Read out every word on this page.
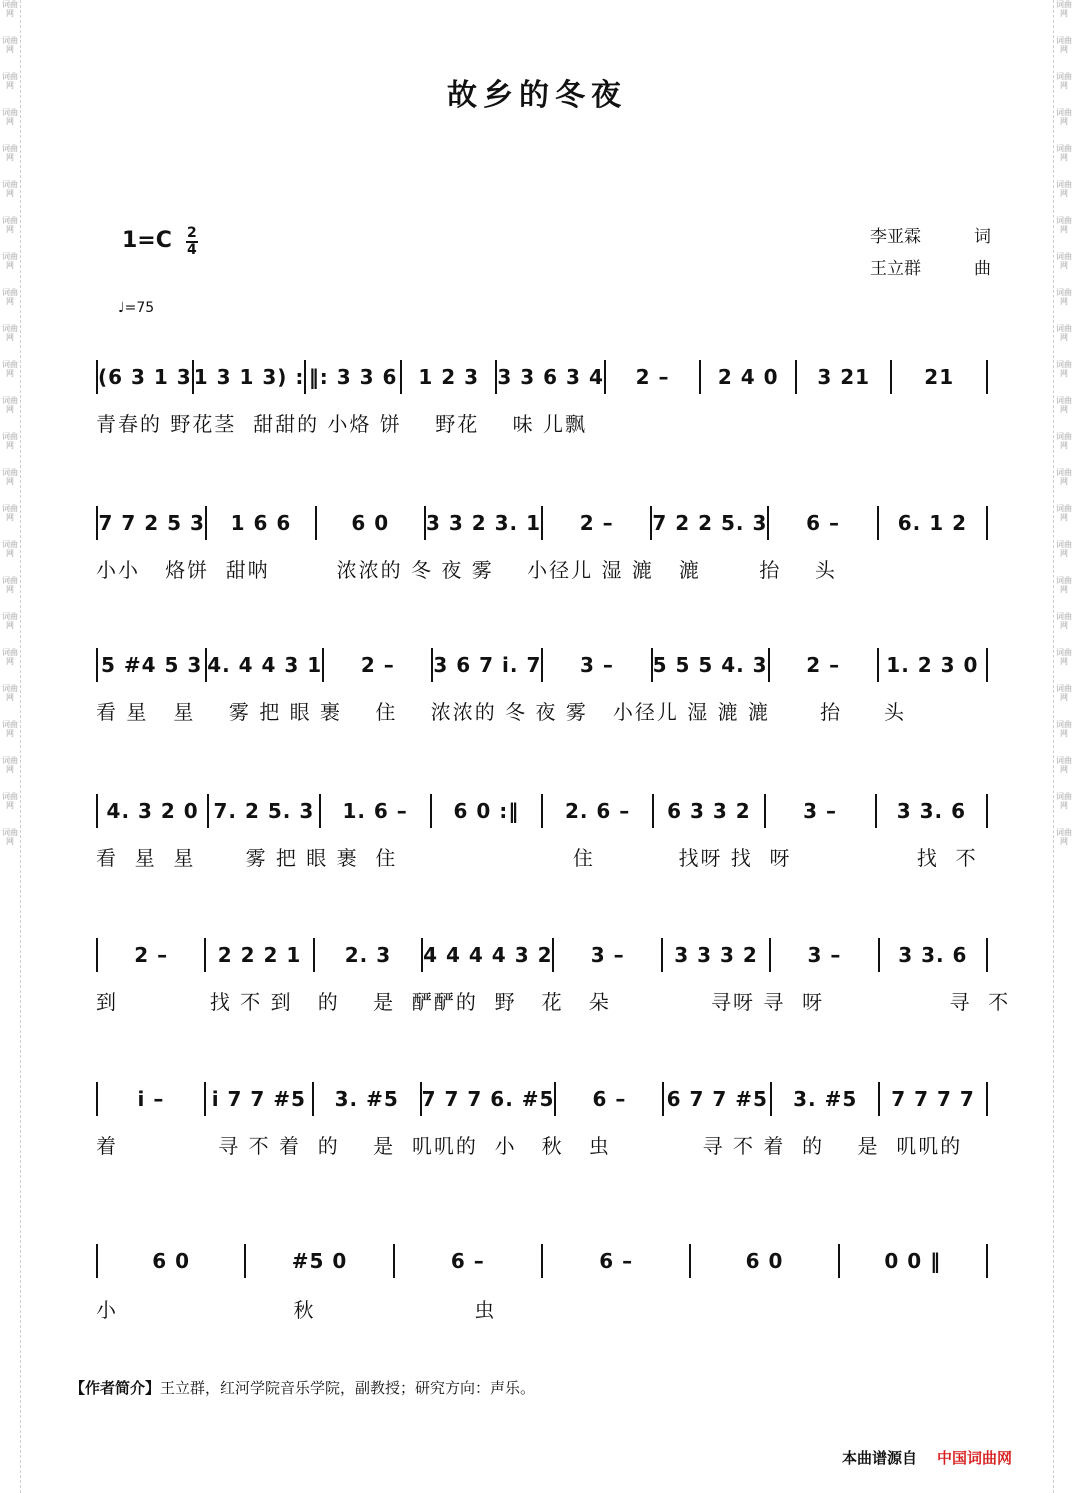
词曲网

词曲网

词曲网

词曲网

词曲网

词曲网

词曲网

词曲网

词曲网

词曲网

词曲网

词曲网

词曲网

词曲网

词曲网

词曲网

词曲网

词曲网

词曲网

词曲网

词曲网

词曲网

词曲网

词曲网

词曲网

词曲网

词曲网

词曲网

词曲网

词曲网

词曲网

词曲网

词曲网

词曲网

词曲网

词曲网

词曲网

词曲网

词曲网

词曲网

词曲网

词曲网

词曲网

词曲网

词曲网

词曲网

词曲网

词曲网

故乡的冬夜
$1=C \frac{2}{4}$
♩=75
李亚霖	词
王立群	曲
(6 3 1 3 1 3 1 3) : ‖: 3 3 6	1 2 3 3 3 6 3 4	2 –	2 4 0	3 21	21
青春的 野花茎  甜甜的 小烙 饼    野花    味 儿飘
7 7 2 5 3	1 6 6	6 0	3 3 2 3. 1	2 –	7 2 2 5. 3	6 –	6. 1 2
小小   烙饼  甜呐        浓浓的 冬 夜 雾    小径儿 湿 漉   漉       抬    头
5 #4 5 3 4. 4 4 3 1	2 –	3 6 7 i. 7	3 –	5 5 5 4. 3	2 –	1. 2 3 0
看 星   星    雾 把 眼 裹    住    浓浓的 冬 夜 雾   小径儿 湿 漉 漉      抬     头
4. 3 2 0 7. 2 5. 3	1. 6 –	6 0 :‖	2. 6 –	6 3 3 2	3 –	3 3. 6
看  星  星      雾 把 眼 裹  住                     住          找呀 找  呀               找  不
2 –	2 2 2 1	2. 3	4 4 4 4 3 2	3 –	3 3 3 2	3 –	3 3. 6
到           找 不 到   的    是  酽酽的  野   花   朵            寻呀 寻  呀               寻  不
i –	i 7 7 #5	3. #5	7 7 7 6. #5	6 –	6 7 7 #5	3. #5	7 7 7 7
着            寻 不 着  的    是  叽叽的  小   秋   虫           寻 不 着  的    是  叽叽的
6 0	#5 0	6 –	6 –	6 0	0 0 ‖
小                     秋                   虫
【作者简介】王立群，红河学院音乐学院，副教授；研究方向：声乐。
本曲谱源自 中国词曲网
